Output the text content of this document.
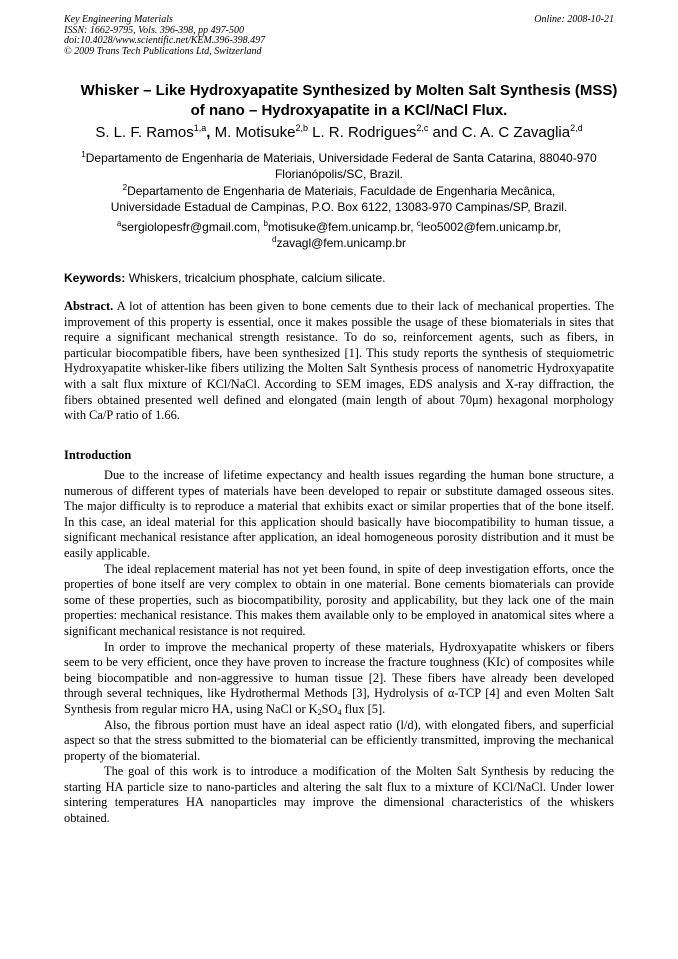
Key Engineering Materials
ISSN: 1662-9795, Vols. 396-398, pp 497-500
doi:10.4028/www.scientific.net/KEM.396-398.497
© 2009 Trans Tech Publications Ltd, Switzerland
Online: 2008-10-21
Whisker – Like Hydroxyapatite Synthesized by Molten Salt Synthesis (MSS) of nano – Hydroxyapatite in a KCl/NaCl Flux.
S. L. F. Ramos$^{1,a}$, M. Motisuke$^{2,b}$ L. R. Rodrigues$^{2,c}$ and C. A. C Zavaglia$^{2,d}$
$^1$Departamento de Engenharia de Materiais, Universidade Federal de Santa Catarina, 88040-970 Florianópolis/SC, Brazil.
$^2$Departamento de Engenharia de Materiais, Faculdade de Engenharia Mecânica,
Universidade Estadual de Campinas, P.O. Box 6122, 13083-970 Campinas/SP, Brazil.
$^a$sergiolopesfr@gmail.com, $^b$motisuke@fem.unicamp.br, $^c$leo5002@fem.unicamp.br,
$^d$zavagl@fem.unicamp.br
Keywords: Whiskers, tricalcium phosphate, calcium silicate.
Abstract. A lot of attention has been given to bone cements due to their lack of mechanical properties. The improvement of this property is essential, once it makes possible the usage of these biomaterials in sites that require a significant mechanical strength resistance. To do so, reinforcement agents, such as fibers, in particular biocompatible fibers, have been synthesized [1]. This study reports the synthesis of stequiometric Hydroxyapatite whisker-like fibers utilizing the Molten Salt Synthesis process of nanometric Hydroxyapatite with a salt flux mixture of KCl/NaCl. According to SEM images, EDS analysis and X-ray diffraction, the fibers obtained presented well defined and elongated (main length of about 70μm) hexagonal morphology with Ca/P ratio of 1.66.
Introduction

Due to the increase of lifetime expectancy and health issues regarding the human bone structure, a numerous of different types of materials have been developed to repair or substitute damaged osseous sites. The major difficulty is to reproduce a material that exhibits exact or similar properties that of the bone itself. In this case, an ideal material for this application should basically have biocompatibility to human tissue, a significant mechanical resistance after application, an ideal homogeneous porosity distribution and it must be easily applicable.

The ideal replacement material has not yet been found, in spite of deep investigation efforts, once the properties of bone itself are very complex to obtain in one material. Bone cements biomaterials can provide some of these properties, such as biocompatibility, porosity and applicability, but they lack one of the main properties: mechanical resistance. This makes them available only to be employed in anatomical sites where a significant mechanical resistance is not required.

In order to improve the mechanical property of these materials, Hydroxyapatite whiskers or fibers seem to be very efficient, once they have proven to increase the fracture toughness (KIc) of composites while being biocompatible and non-aggressive to human tissue [2]. These fibers have already been developed through several techniques, like Hydrothermal Methods [3], Hydrolysis of α-TCP [4] and even Molten Salt Synthesis from regular micro HA, using NaCl or $K_2SO_4$ flux [5].

Also, the fibrous portion must have an ideal aspect ratio (l/d), with elongated fibers, and superficial aspect so that the stress submitted to the biomaterial can be efficiently transmitted, improving the mechanical property of the biomaterial.

The goal of this work is to introduce a modification of the Molten Salt Synthesis by reducing the starting HA particle size to nano-particles and altering the salt flux to a mixture of KCl/NaCl. Under lower sintering temperatures HA nanoparticles may improve the dimensional characteristics of the whiskers obtained.
